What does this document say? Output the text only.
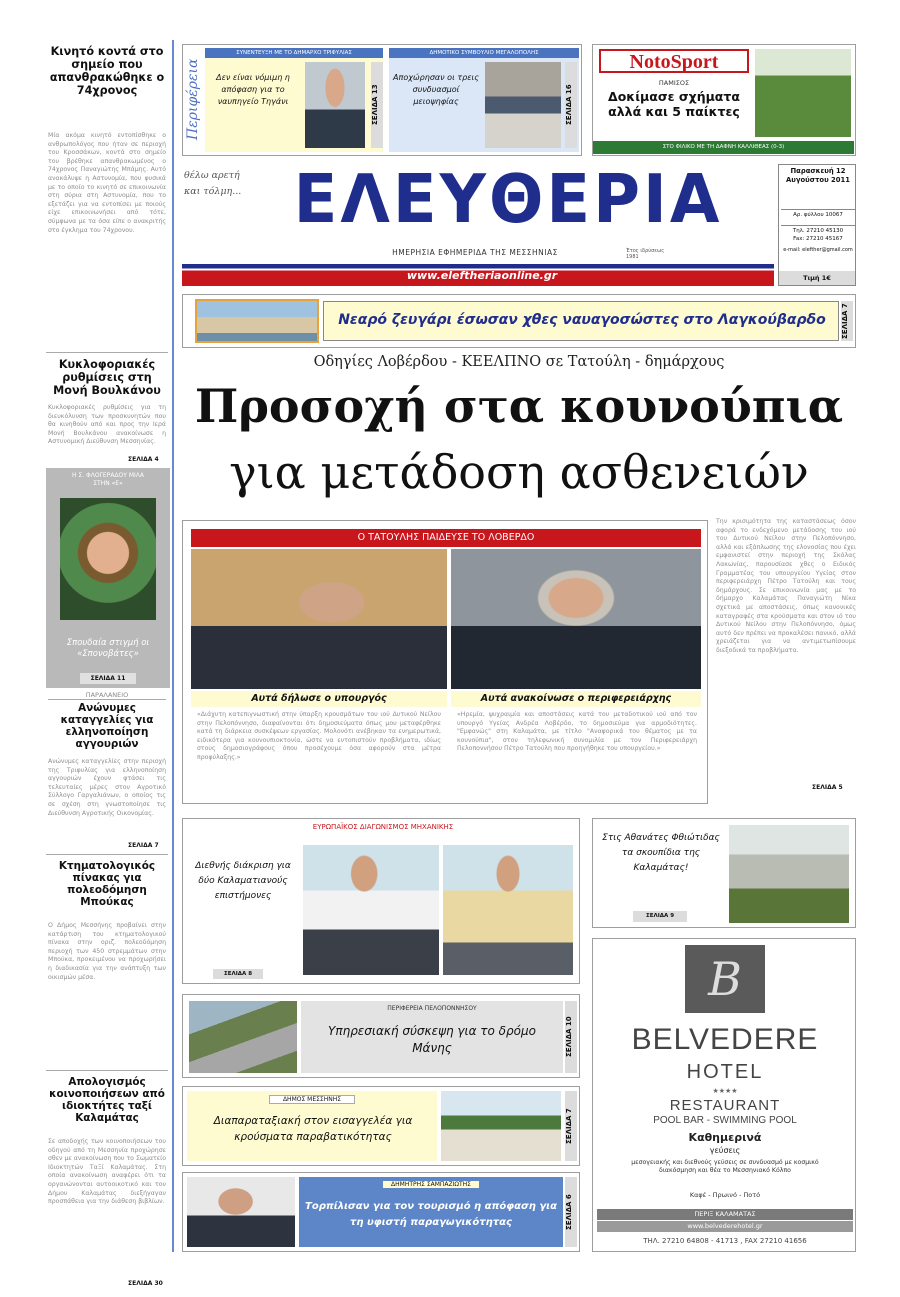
Κινητό κοντά στο σημείο που απανθρακώθηκε ο 74χρονος
Μία ακόμα κινητό εντοπίσθηκε ο ανθρωπολόγος που ήταν σε περιοχή του Κροσσάκων, κοντά στο σημείο του βρέθηκε απανθρακωμένος ο 74χρονος Παναγιώτης Μπάμης. Αυτό ανακάλυψε η Αστυνομία, που φυσικά με το οποίο το κινητό σε επικοινωνία στη σύρια στη Αστυνομία, που το εξετάζει για να εντοπίσει με ποιούς είχε επικοινωνήσει από τότε, σύμφωνα με τα όσα είπε ο ανακριτής στο έγκλημα του 74χρονου.
Κυκλοφοριακές ρυθμίσεις στη Μονή Βουλκάνου
Κυκλοφοριακές ρυθμίσεις για τη διευκόλυνση των προσκυνητών που θα κινηθούν από και προς την Ιερά Μονή Βουλκάνου ανακοίνωσε η Αστυνομική Διεύθυνση Μεσσηνίας.
ΣΕΛΙΔΑ 4
Η Σ. ΦΛΟΓΕΡΑΔΟΥ ΜΙΛΑ ΣΤΗΝ «Ε»
Σπουδαία στιγμή οι «Σπονοβάτες»
ΣΕΛΙΔΑ 11
ΠΑΡΑΛΑΝΕΙΟ
Ανώνυμες καταγγελίες για ελληνοποίηση αγγουριών
Ανώνυμες καταγγελίες στην περιοχή της Τριφυλίας για ελληνοποίηση αγγουριών έχουν φτάσει τις τελευταίες μέρες στον Αγροτικό Σύλλογο Γαργαλιάνων, ο οποίος τις σε σχέση στη γνωστοποίησε τις Διεύθυνση Αγροτικής Οικονομίας.
ΣΕΛΙΔΑ 7
Κτηματολογικός πίνακας για πολεοδόμηση Μπούκας
Ο Δήμος Μεσσήνης προβαίνει στην κατάρτιση του κτηματολογικού πίνακα στην οριζ. πολεοδόμηση περιοχή των 450 στρεμμάτων στην Μπούκα, προκειμένου να προχωρήσει η διαδικασία για την ανάπτυξη των οικισμών μέσα.
Απολογισμός κοινοποιήσεων από ιδιοκτήτες ταξί Καλαμάτας
Σε αποδοχής των κοινοποιήσεων του οδηγού από τη Μεσσηνία προχώρησε σθεν με ανακοίνωση που το Σωματείο Ιδιοκτητών ΤαΞί Καλαμάτας. Στη οποία ανακοίνωση αναφέρει ότι τα οργανώνονται αυτοοικοτικό και τον Δήμου Καλαμάτας διεξήγαγαν προσπάθεια για την διάθεση βιβλίων.
ΣΕΛΙΔΑ 30
Περιφέρεια
ΣΥΝΕΝΤΕΥΞΗ ΜΕ ΤΟ ΔΗΜΑΡΧΟ ΤΡΙΦΥΛΙΑΣ
Δεν είναι νόμιμη η απόφαση για το ναυπηγείο Τηγάνι	ΣΕΛΙΔΑ 13
ΔΗΜΟΤΙΚΟ ΣΥΜΒΟΥΛΙΟ ΜΕΓΑΛΟΠΟΛΗΣ
Αποχώρησαν οι τρεις συνδυασμοί μειοψηφίας	ΣΕΛΙΔΑ 16
NotoSport
ΠΑΜΙΣΟΣ
Δοκίμασε σχήματα αλλά και 5 παίκτες
ΣΤΟ ΦΙΛΙΚΟ ΜΕ ΤΗ ΔΑΦΝΗ ΚΑΛΛΙΘΕΑΣ (0-3)
θέλω αρετή και τόλμη... ΕΛΕΥΘΕΡΙΑ
ΗΜΕΡΗΣΙΑ ΕΦΗΜΕΡΙΔΑ ΤΗΣ ΜΕΣΣΗΝΙΑΣ	Έτος ιδρύσεως 1981
Παρασκευή 12 Αυγούστου 2011
Αρ. φύλλου 10067
Τηλ. 27210 45130
Fax: 27210 45167
e-mail: elefther@gmail.com
Τιμή 1€
www.eleftheriaonline.gr
Νεαρό ζευγάρι έσωσαν χθες ναυαγοσώστες στο Λαγκούβαρδο	ΣΕΛΙΔΑ 7
Οδηγίες Λοβέρδου - ΚΕΕΛΠΝΟ σε Τατούλη - δημάρχους
Προσοχή στα κουνούπια
για μετάδοση ασθενειών
Ο ΤΑΤΟΥΛΗΣ ΠΑΙΔΕΥΣΕ ΤΟ ΛΟΒΕΡΔΟ
Αυτά δήλωσε ο υπουργός	Αυτά ανακοίνωσε ο περιφερειάρχης
«Διάχυτη κατεπιγνωστική στην ύπαρξη κρουσμάτων του ιού Δυτικού Νείλου στην Πελοπόννησο, διαφαίνονται ότι δημοσιεύματα όπως μου μεταφέρθηκε κατά τη διάρκεια συσκέψεων εργασίας. Μολονότι ανέβηκαν τα ενημερωτικά, ειδικότερα για κουνουπιοκτονία, ώστε να εντοπιστούν προβλήματα, ιδίως στους δημοσιογράφους όπου προσέχουμε όσα αφορούν στα μέτρα προφύλαξης.»
«Ηρεμία, ψυχραιμία και αποστάσεις κατά του μεταδοτικού ιού από τον υπουργό Υγείας Ανδρέα Λοβέρδο, το δημοσιεύμα για αρμοδιότητες. "Εμφανώς" στη Καλαμάτα, με τίτλο "Αναφορικά του θέματος με τα κουνούπια", στον τηλεφωνική συνομιλία με τον Περιφερειάρχη Πελοποννήσου Πέτρο Τατούλη που προηγήθηκε του υπουργείου.»
Την κρισιμότητα της καταστάσεως όσον αφορά το ενδεχόμενο μετάδοσης του ιού του Δυτικού Νείλου στην Πελοπόννησο, αλλά και εξάπλωσης της ελονοσίας που έχει εμφανιστεί στην περιοχή της Σκάλας Λακωνίας, παρουσίασε χθες ο Ειδικός Γραμματέας του υπουργείου Υγείας στον περιφερειάρχη Πέτρο Τατούλη και τους δημάρχους. Σε επικοινωνία μας με το δήμαρχο Καλαμάτας Παναγιώτη Νίκα σχετικά με αποστάσεις, όπως κανονικές καταγραφές στα κρούσματα και στον ιό του Δυτικού Νείλου στην Πελοπόννησο, όμως αυτό δεν πρέπει να προκαλέσει πανικό, αλλά χρειάζεται για να αντιμετωπίσουμε διεξοδικά τα προβλήματα.
ΣΕΛΙΔΑ 5
ΕΥΡΩΠΑΪΚΟΣ ΔΙΑΓΩΝΙΣΜΟΣ ΜΗΧΑΝΙΚΗΣ
Διεθνής διάκριση για δύο Καλαματιανούς επιστήμονες
ΣΕΛΙΔΑ 8
Στις Αθανάτες Φθιώτιδας τα σκουπίδια της Καλαμάτας!
ΣΕΛΙΔΑ 9
ΠΕΡΙΦΕΡΕΙΑ ΠΕΛΟΠΟΝΝΗΣΟΥ
Υπηρεσιακή σύσκεψη για το δρόμο Μάνης	ΣΕΛΙΔΑ 10
ΔΗΜΟΣ ΜΕΣΣΗΝΗΣ
Διαπαραταξιακή στον εισαγγελέα για κρούσματα παραβατικότητας	ΣΕΛΙΔΑ 7
ΔΗΜΗΤΡΗΣ ΣΑΜΠΑΖΙΩΤΗΣ
Τορπίλισαν για τον τουρισμό η απόφαση για τη υφιστή παραγωγικότητας	ΣΕΛΙΔΑ 6
B
BELVEDERE
HOTEL
★★★★
RESTAURANT
POOL BAR - SWIMMING POOL
Καθημερινά
γεύσεις
μεσογειακής και διεθνούς γεύσεις σε συνδυασμό με κοσμικό διακόσμηση και θέα το Μεσσηνιακό Κόλπο
Καφέ - Πρωινό - Ποτό
ΠΕΡΙΞ ΚΑΛΑΜΑΤΑΣ
www.belvederehotel.gr
ΤΗΛ. 27210 64808 - 41713 , FAX 27210 41656
